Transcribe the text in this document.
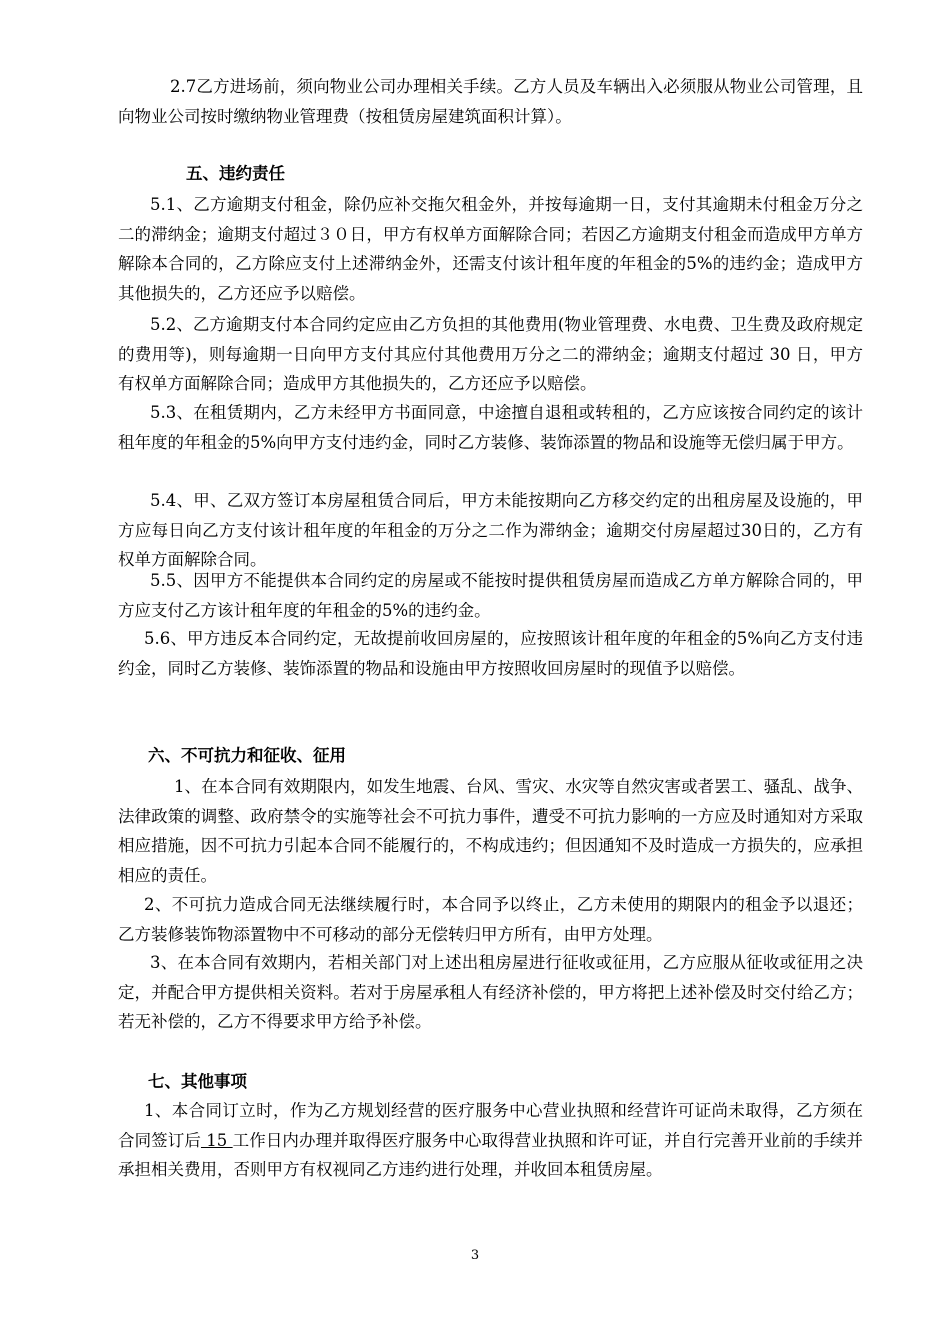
2.7乙方进场前，须向物业公司办理相关手续。乙方人员及车辆出入必须服从物业公司管理，且向物业公司按时缴纳物业管理费（按租赁房屋建筑面积计算）。

五、违约责任

5.1、乙方逾期支付租金，除仍应补交拖欠租金外，并按每逾期一日，支付其逾期未付租金万分之二的滞纳金；逾期支付超过３０日，甲方有权单方面解除合同；若因乙方逾期支付租金而造成甲方单方解除本合同的，乙方除应支付上述滞纳金外，还需支付该计租年度的年租金的5%的违约金；造成甲方其他损失的，乙方还应予以赔偿。

5.2、乙方逾期支付本合同约定应由乙方负担的其他费用(物业管理费、水电费、卫生费及政府规定的费用等)，则每逾期一日向甲方支付其应付其他费用万分之二的滞纳金；逾期支付超过 30 日，甲方有权单方面解除合同；造成甲方其他损失的，乙方还应予以赔偿。

5.3、在租赁期内，乙方未经甲方书面同意，中途擅自退租或转租的，乙方应该按合同约定的该计租年度的年租金的5%向甲方支付违约金，同时乙方装修、装饰添置的物品和设施等无偿归属于甲方。

5.4、甲、乙双方签订本房屋租赁合同后，甲方未能按期向乙方移交约定的出租房屋及设施的，甲方应每日向乙方支付该计租年度的年租金的万分之二作为滞纳金；逾期交付房屋超过30日的，乙方有权单方面解除合同。

5.5、因甲方不能提供本合同约定的房屋或不能按时提供租赁房屋而造成乙方单方解除合同的，甲方应支付乙方该计租年度的年租金的5%的违约金。

5.6、甲方违反本合同约定，无故提前收回房屋的，应按照该计租年度的年租金的5%向乙方支付违约金，同时乙方装修、装饰添置的物品和设施由甲方按照收回房屋时的现值予以赔偿。

六、不可抗力和征收、征用

1、在本合同有效期限内，如发生地震、台风、雪灾、水灾等自然灾害或者罢工、骚乱、战争、法律政策的调整、政府禁令的实施等社会不可抗力事件，遭受不可抗力影响的一方应及时通知对方采取相应措施，因不可抗力引起本合同不能履行的，不构成违约；但因通知不及时造成一方损失的，应承担相应的责任。

2、不可抗力造成合同无法继续履行时，本合同予以终止，乙方未使用的期限内的租金予以退还；乙方装修装饰物添置物中不可移动的部分无偿转归甲方所有，由甲方处理。

3、在本合同有效期内，若相关部门对上述出租房屋进行征收或征用，乙方应服从征收或征用之决定，并配合甲方提供相关资料。若对于房屋承租人有经济补偿的，甲方将把上述补偿及时交付给乙方；若无补偿的，乙方不得要求甲方给予补偿。

七、其他事项

1、本合同订立时，作为乙方规划经营的医疗服务中心营业执照和经营许可证尚未取得，乙方须在合同签订后 15 工作日内办理并取得医疗服务中心取得营业执照和许可证，并自行完善开业前的手续并承担相关费用，否则甲方有权视同乙方违约进行处理，并收回本租赁房屋。

3
